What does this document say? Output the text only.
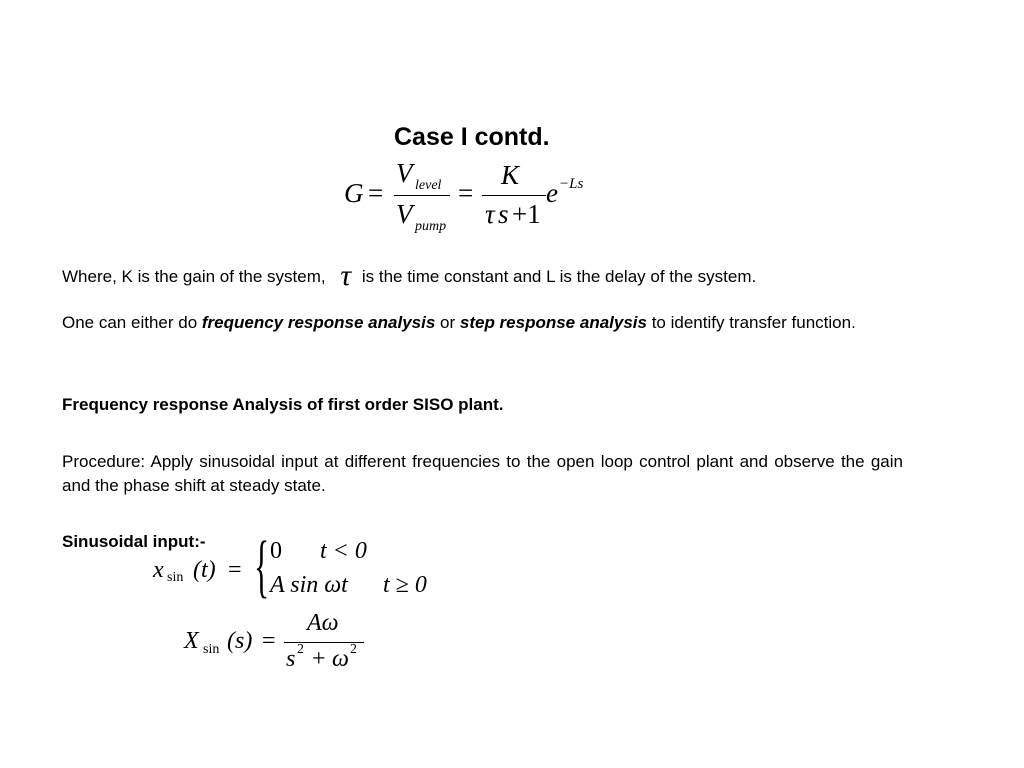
Case I contd.
G =
V level
V pump
=
K
τ s +1
e −Ls
Where, K is the gain of the system, τ is the time constant and L is the delay of the system.
One can either do frequency response analysis or step response analysis to identify transfer function.
Frequency response Analysis of first order SISO plant.
Procedure: Apply sinusoidal input at different frequencies to the open loop control plant and observe the gain and the phase shift at steady state.
Sinusoidal input:-
x sin (t) = { 0 t < 0
A sin ωt t ≥ 0
X sin (s) =
Aω
s 2 + ω 2
